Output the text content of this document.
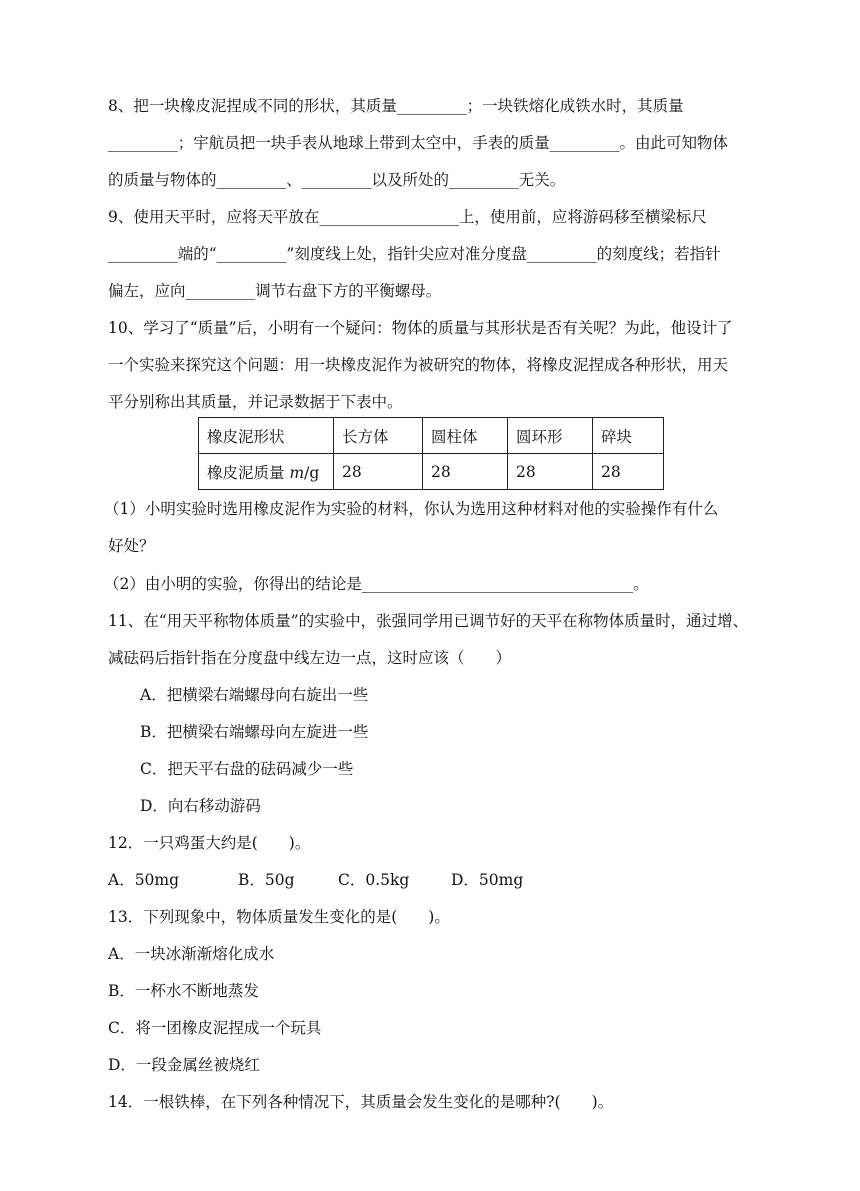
8、把一块橡皮泥捏成不同的形状，其质量_________；一块铁熔化成铁水时，其质量
_________；宇航员把一块手表从地球上带到太空中，手表的质量_________。由此可知物体
的质量与物体的_________、_________以及所处的_________无关。
9、使用天平时，应将天平放在__________________上，使用前，应将游码移至横梁标尺
_________端的“_________”刻度线上处，指针尖应对准分度盘_________的刻度线；若指针
偏左，应向_________调节右盘下方的平衡螺母。
10、学习了“质量”后，小明有一个疑问：物体的质量与其形状是否有关呢？为此，他设计了
一个实验来探究这个问题：用一块橡皮泥作为被研究的物体，将橡皮泥捏成各种形状，用天
平分别称出其质量，并记录数据于下表中。
橡皮泥形状	长方体	圆柱体	圆环形	碎块
橡皮泥质量 m/g	28	28	28	28
（1）小明实验时选用橡皮泥作为实验的材料，你认为选用这种材料对他的实验操作有什么
好处？
（2）由小明的实验，你得出的结论是___________________________________。
11、在“用天平称物体质量”的实验中，张强同学用已调节好的天平在称物体质量时，通过增、
减砝码后指针指在分度盘中线左边一点，这时应该（　　）
A．把横梁右端螺母向右旋出一些
B．把横梁右端螺母向左旋进一些
C．把天平右盘的砝码减少一些
D．向右移动游码
12．一只鸡蛋大约是(　　)。
A．50mg	B．50g	C．0.5kg	D．50mg
13．下列现象中，物体质量发生变化的是(　　)。
A．一块冰渐渐熔化成水
B．一杯水不断地蒸发
C．将一团橡皮泥捏成一个玩具
D．一段金属丝被烧红
14．一根铁棒，在下列各种情况下，其质量会发生变化的是哪种?(　　)。
